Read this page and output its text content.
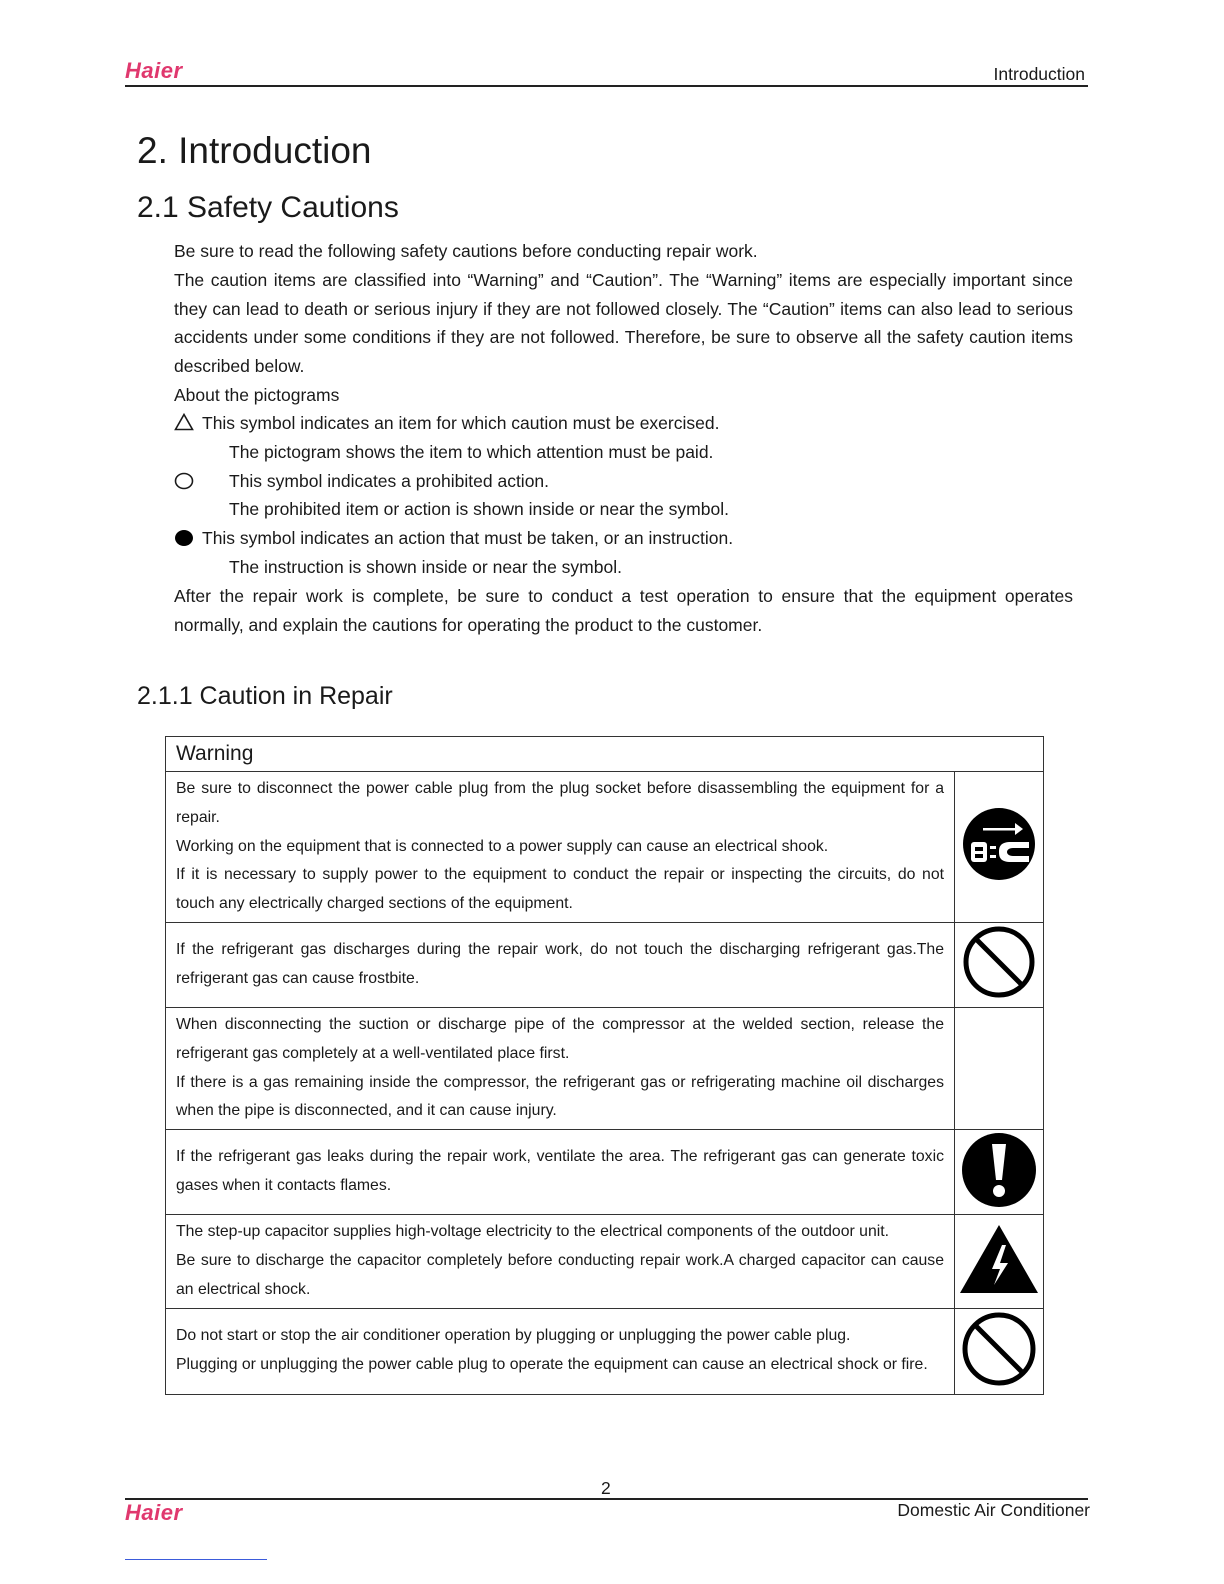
Haier	Introduction
2. Introduction
2.1 Safety Cautions
Be sure to read the following safety cautions before conducting repair work.
The caution items are classified into “Warning” and “Caution”. The “Warning” items are especially important since they can lead to death or serious injury if they are not followed closely. The “Caution” items can also lead to serious accidents under some conditions if they are not followed. Therefore, be sure to observe all the safety caution items described below.
About the pictograms
This symbol indicates an item for which caution must be exercised.
The pictogram shows the item to which attention must be paid.
This symbol indicates a prohibited action.
The prohibited item or action is shown inside or near the symbol.
This symbol indicates an action that must be taken, or an instruction.
The instruction is shown inside or near the symbol.
After the repair work is complete, be sure to conduct a test operation to ensure that the equipment operates normally, and explain the cautions for operating the product to the customer.
2.1.1 Caution in Repair
Warning	

Be sure to disconnect the power cable plug from the plug socket before disassembling the equipment for a repair.
Working on the equipment that is connected to a power supply can cause an electrical shook.
If it is necessary to supply power to the equipment to conduct the repair or inspecting the circuits, do not touch any electrically charged sections of the equipment.

If the refrigerant gas discharges during the repair work, do not touch the discharging refrigerant gas.The refrigerant gas can cause frostbite.

When disconnecting the suction or discharge pipe of the compressor at the welded section, release the refrigerant gas completely at a well-ventilated place first.
If there is a gas remaining inside the compressor, the refrigerant gas or refrigerating machine oil discharges when the pipe is disconnected, and it can cause injury.	

If the refrigerant gas leaks during the repair work, ventilate the area. The refrigerant gas can generate toxic gases when it contacts flames.

The step-up capacitor supplies high-voltage electricity to the electrical components of the outdoor unit.
Be sure to discharge the capacitor completely before conducting repair work.A charged capacitor can cause an electrical shock.

Do not start or stop the air conditioner operation by plugging or unplugging the power cable plug.
Plugging or unplugging the power cable plug to operate the equipment can cause an electrical shock or fire.

2
Haier	Domestic Air Conditioner
